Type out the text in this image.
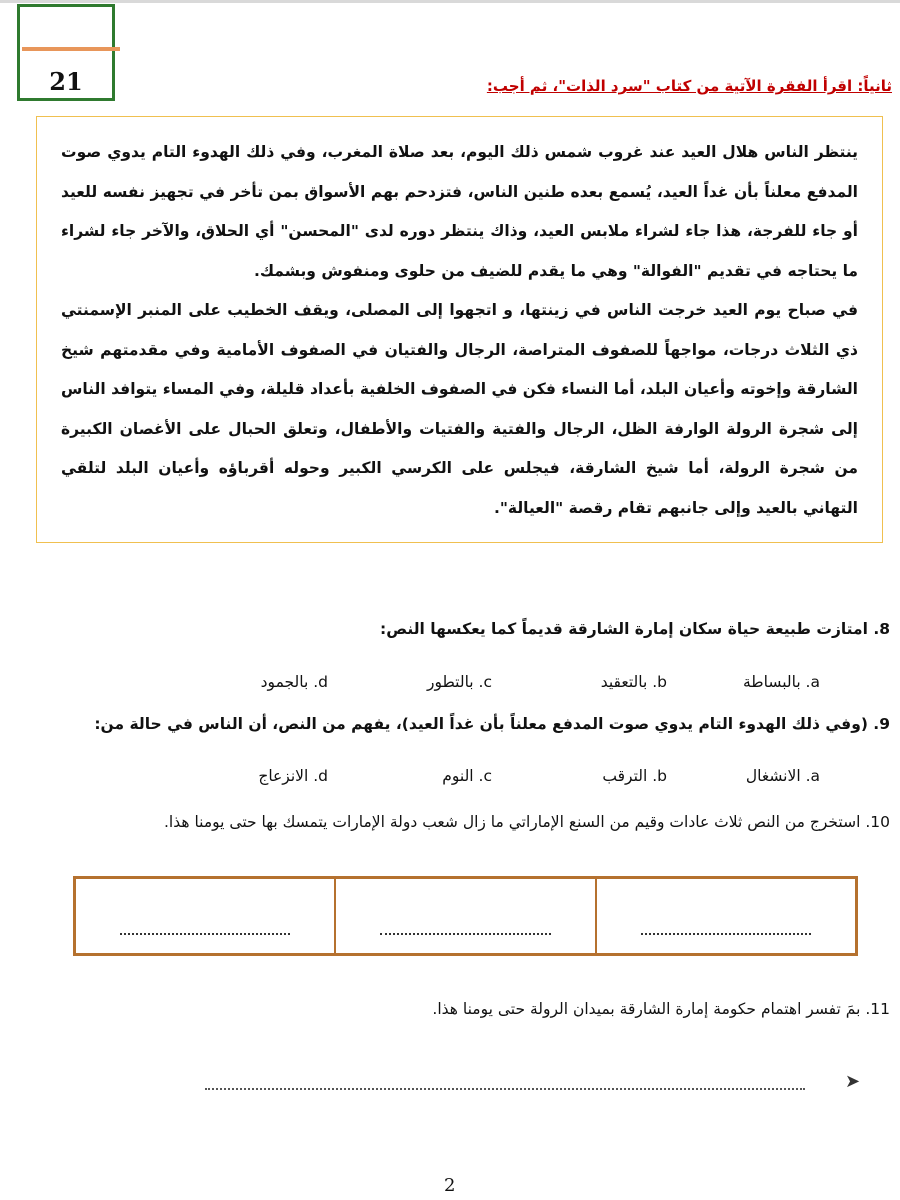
21	ثانياً: اقرأ الفقرة الآتية من كتاب "سرد الذات"، ثم أجب:

ينتظر الناس هلال العيد عند غروب شمس ذلك اليوم، بعد صلاة المغرب، وفي ذلك الهدوء التام يدوي صوت المدفع معلناً بأن غداً العيد، يُسمع بعده طنين الناس، فتزدحم بهم الأسواق بمن تأخر في تجهيز نفسه للعيد أو جاء للفرجة، هذا جاء لشراء ملابس العيد، وذاك ينتظر دوره لدى "المحسن" أي الحلاق، والآخر جاء لشراء ما يحتاجه في تقديم "الفوالة" وهي ما يقدم للضيف من حلوى ومنفوش وبشمك.

في صباح يوم العيد خرجت الناس في زينتها، و اتجهوا إلى المصلى، ويقف الخطيب على المنبر الإسمنتي ذي الثلاث درجات، مواجهاً للصفوف المتراصة، الرجال والفتيان في الصفوف الأمامية وفي مقدمتهم شيخ الشارقة وإخوته وأعيان البلد، أما النساء فكن في الصفوف الخلفية بأعداد قليلة، وفي المساء يتوافد الناس إلى شجرة الرولة الوارفة الظل، الرجال والفتية والفتيات والأطفال، وتعلق الحبال على الأغصان الكبيرة من شجرة الرولة، أما شيخ الشارقة، فيجلس على الكرسي الكبير وحوله أقرباؤه وأعيان البلد لتلقي التهاني بالعيد وإلى جانبهم تقام رقصة "العيالة".

8. امتازت طبيعة حياة سكان إمارة الشارقة قديماً كما يعكسها النص:
a. بالبساطة
b. بالتعقيد
c. بالتطور
d. بالجمود
9. (وفي ذلك الهدوء التام يدوي صوت المدفع معلناً بأن غداً العيد)، يفهم من النص، أن الناس في حالة من:
a. الانشغال
b. الترقب
c. النوم
d. الانزعاج
10. استخرج من النص ثلاث عادات وقيم من السنع الإماراتي ما زال شعب دولة الإمارات يتمسك بها حتى يومنا هذا.
11. بمَ تفسر اهتمام حكومة إمارة الشارقة بميدان الرولة حتى يومنا هذا.
➤
2
